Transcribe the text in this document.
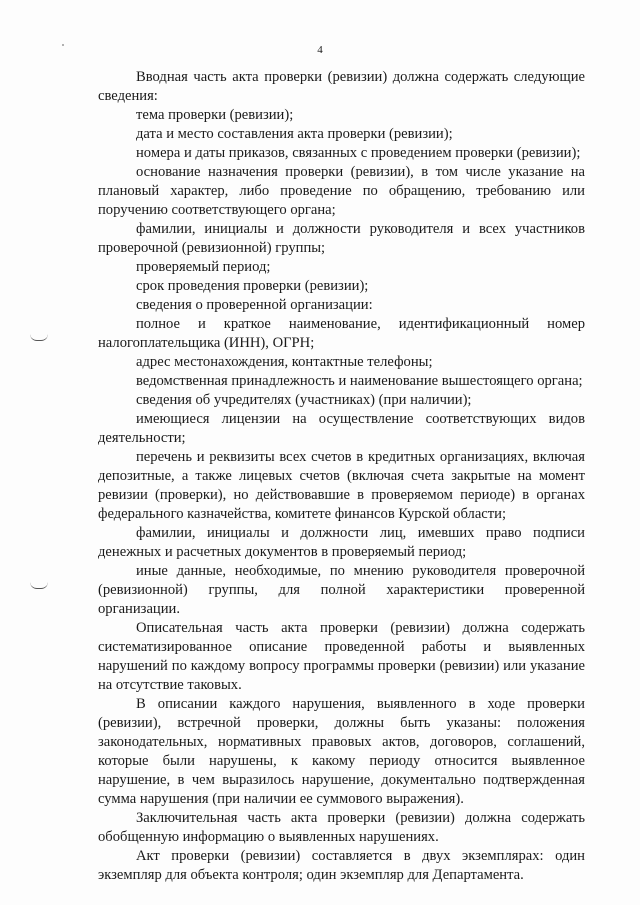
4

Вводная часть акта проверки (ревизии) должна содержать следующие сведения:

тема проверки (ревизии);

дата и место составления акта проверки (ревизии);

номера и даты приказов, связанных с проведением проверки (ревизии);

основание назначения проверки (ревизии), в том числе указание на плановый характер, либо проведение по обращению, требованию или поручению соответствующего органа;

фамилии, инициалы и должности руководителя и всех участников проверочной (ревизионной) группы;

проверяемый период;

срок проведения проверки (ревизии);

сведения о проверенной организации:

полное и краткое наименование, идентификационный номер налогоплательщика (ИНН), ОГРН;

адрес местонахождения, контактные телефоны;

ведомственная принадлежность и наименование вышестоящего органа;

сведения об учредителях (участниках) (при наличии);

имеющиеся лицензии на осуществление соответствующих видов деятельности;

перечень и реквизиты всех счетов в кредитных организациях, включая депозитные, а также лицевых счетов (включая счета закрытые на момент ревизии (проверки), но действовавшие в проверяемом периоде) в органах федерального казначейства, комитете финансов Курской области;

фамилии, инициалы и должности лиц, имевших право подписи денежных и расчетных документов в проверяемый период;

иные данные, необходимые, по мнению руководителя проверочной (ревизионной) группы, для полной характеристики проверенной организации.

Описательная часть акта проверки (ревизии) должна содержать систематизированное описание проведенной работы и выявленных нарушений по каждому вопросу программы проверки (ревизии) или указание на отсутствие таковых.

В описании каждого нарушения, выявленного в ходе проверки (ревизии), встречной проверки, должны быть указаны: положения законодательных, нормативных правовых актов, договоров, соглашений, которые были нарушены, к какому периоду относится выявленное нарушение, в чем выразилось нарушение, документально подтвержденная сумма нарушения (при наличии ее суммового выражения).

Заключительная часть акта проверки (ревизии) должна содержать обобщенную информацию о выявленных нарушениях.

Акт проверки (ревизии) составляется в двух экземплярах: один экземпляр для объекта контроля; один экземпляр для Департамента.
